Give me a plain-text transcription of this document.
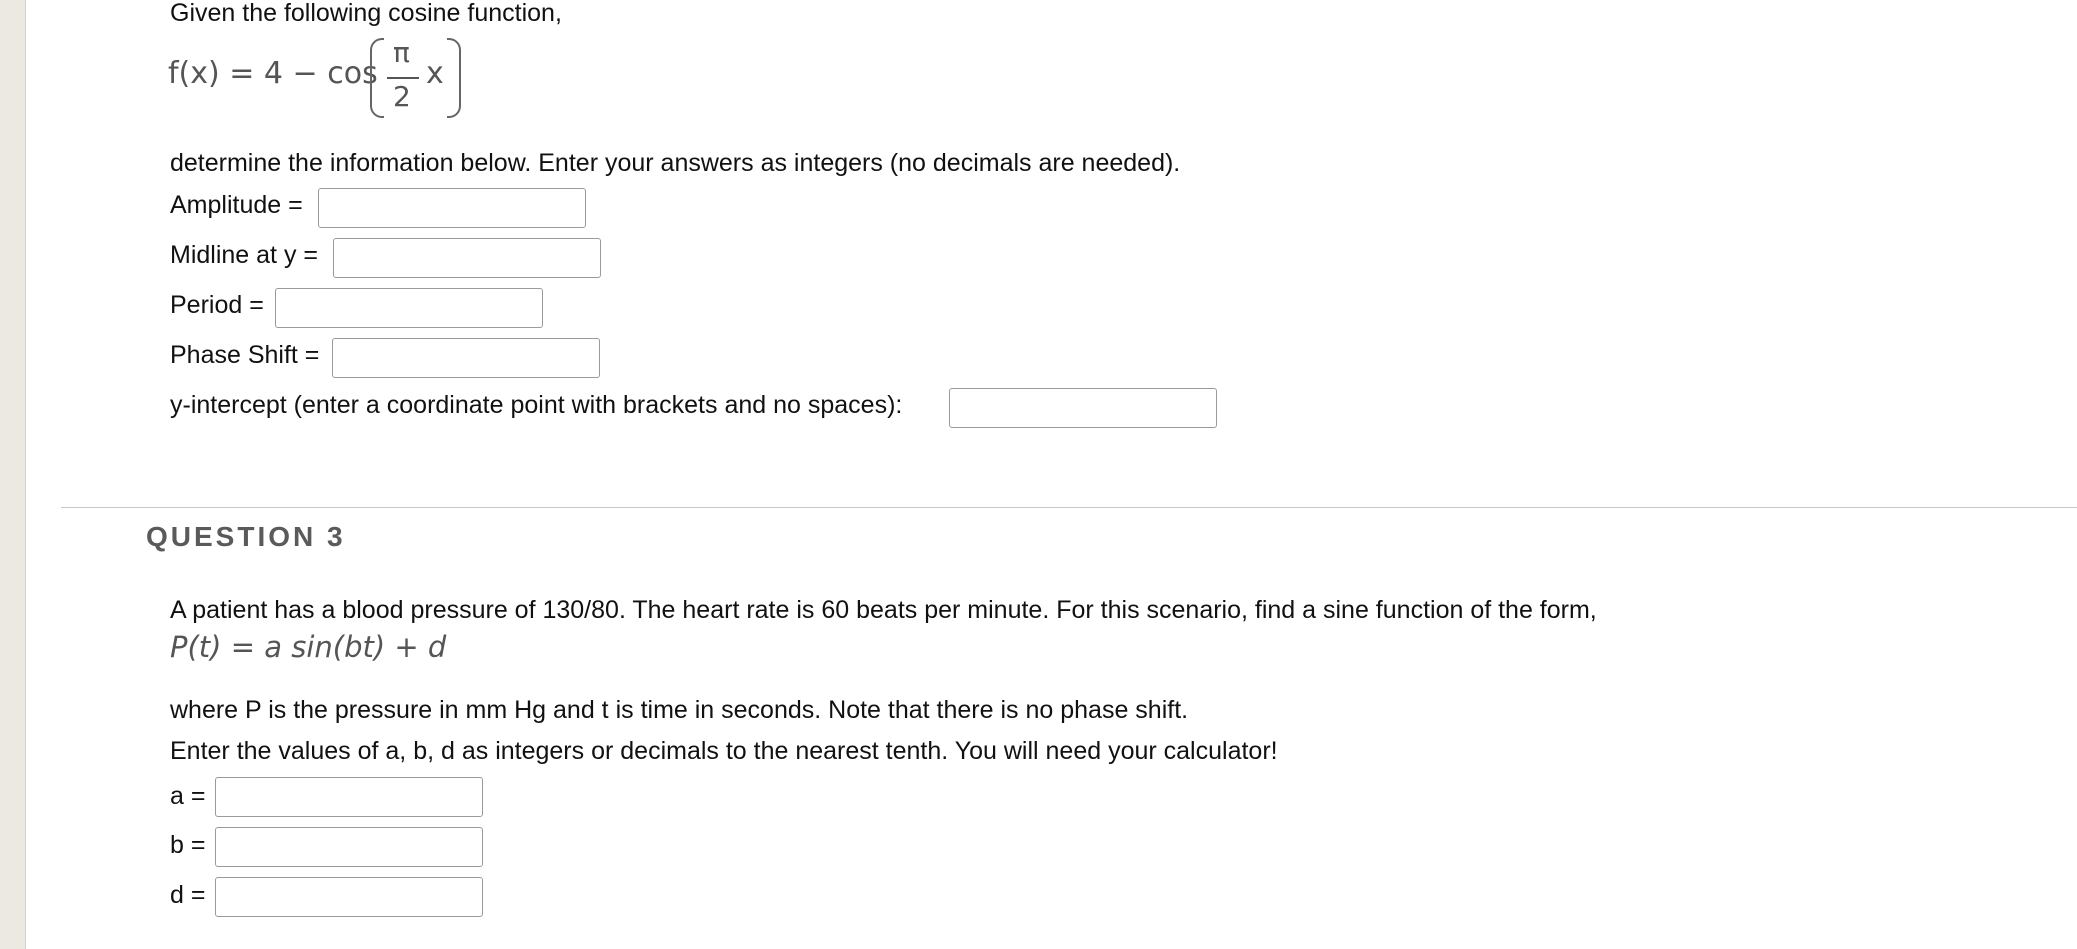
Given the following cosine function,
f(x) = 4 − cos
π
2
x
determine the information below. Enter your answers as integers (no decimals are needed).
Amplitude =
Midline at y =
Period =
Phase Shift =
y-intercept (enter a coordinate point with brackets and no spaces):
QUESTION 3
A patient has a blood pressure of 130/80. The heart rate is 60 beats per minute. For this scenario, find a sine function of the form,
P(t) = a sin(bt) + d
where P is the pressure in mm Hg and t is time in seconds. Note that there is no phase shift.
Enter the values of a, b, d as integers or decimals to the nearest tenth. You will need your calculator!
a =
b =
d =
